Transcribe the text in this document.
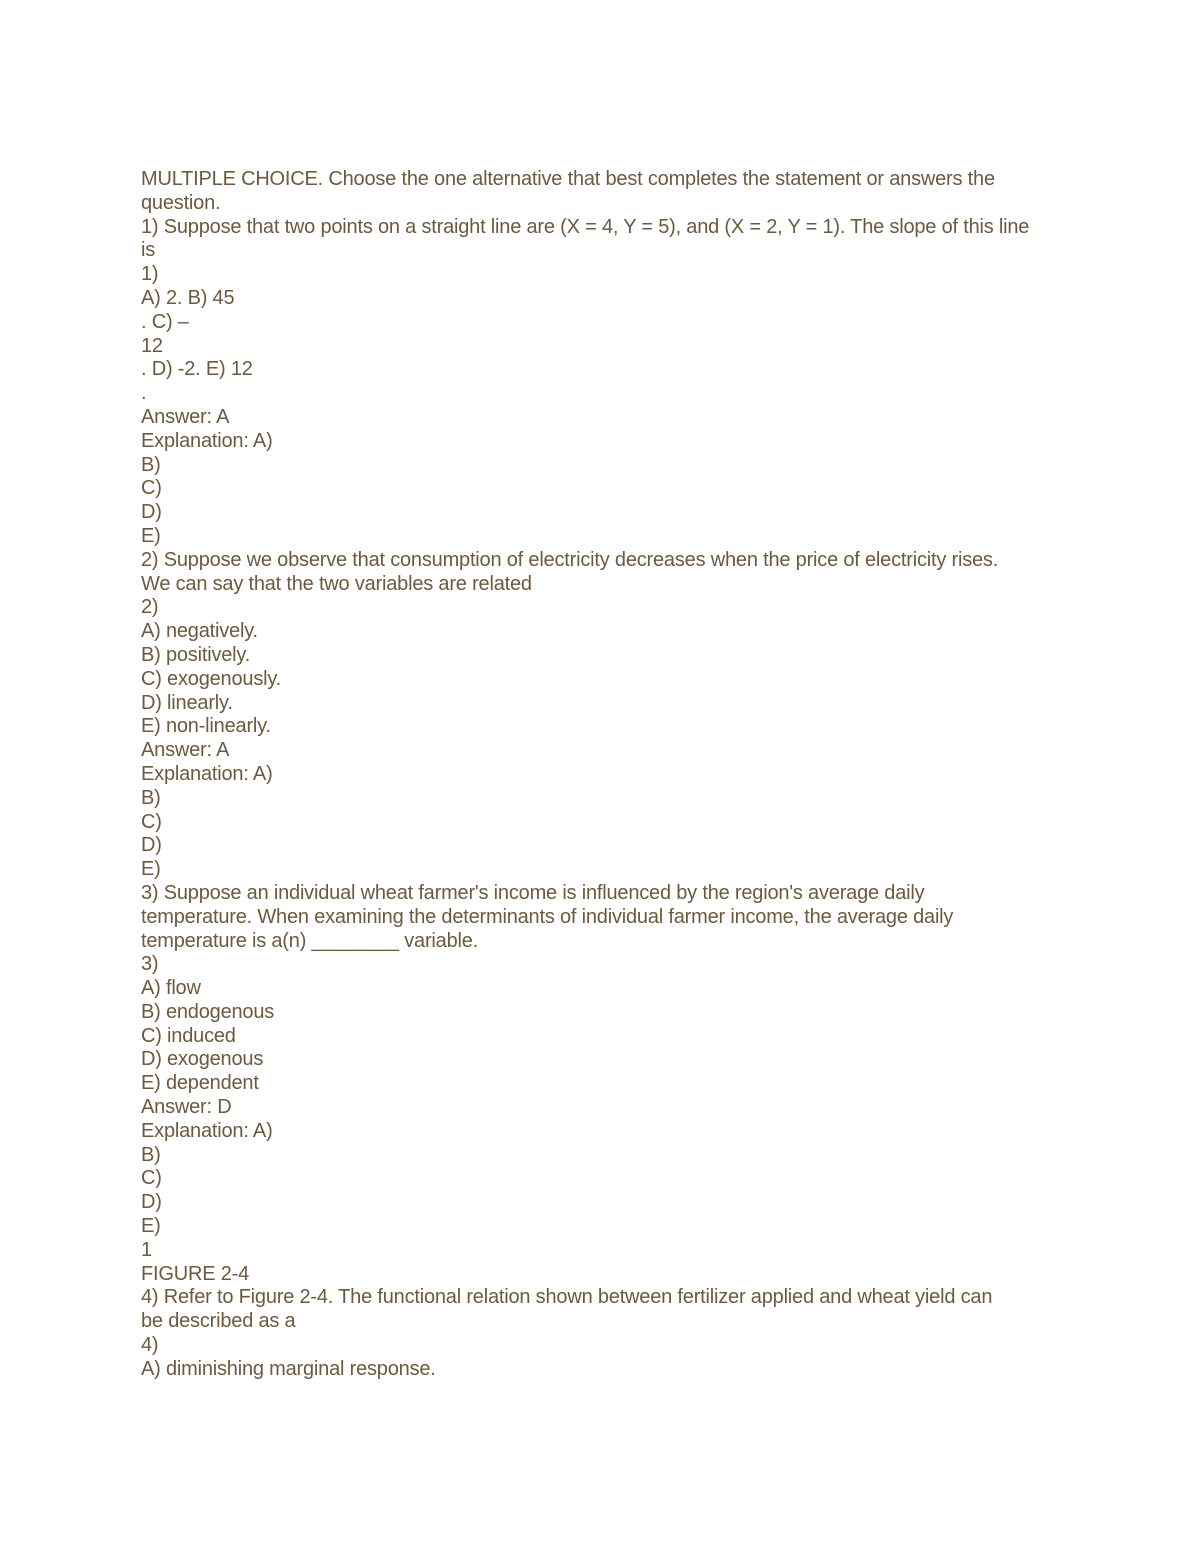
MULTIPLE CHOICE. Choose the one alternative that best completes the statement or answers the question.
1) Suppose that two points on a straight line are (X = 4, Y = 5), and (X = 2, Y = 1). The slope of this line
is
1)
A) 2. B) 45
. C) –
12
. D) -2. E) 12
.
Answer: A
Explanation: A)
B)
C)
D)
E)
2) Suppose we observe that consumption of electricity decreases when the price of electricity rises.
We can say that the two variables are related
2)
A) negatively.
B) positively.
C) exogenously.
D) linearly.
E) non-linearly.
Answer: A
Explanation: A)
B)
C)
D)
E)
3) Suppose an individual wheat farmer's income is influenced by the region's average daily
temperature. When examining the determinants of individual farmer income, the average daily
temperature is a(n) ________ variable.
3)
A) flow
B) endogenous
C) induced
D) exogenous
E) dependent
Answer: D
Explanation: A)
B)
C)
D)
E)
1
FIGURE 2-4
4) Refer to Figure 2-4. The functional relation shown between fertilizer applied and wheat yield can
be described as a
4)
A) diminishing marginal response.
